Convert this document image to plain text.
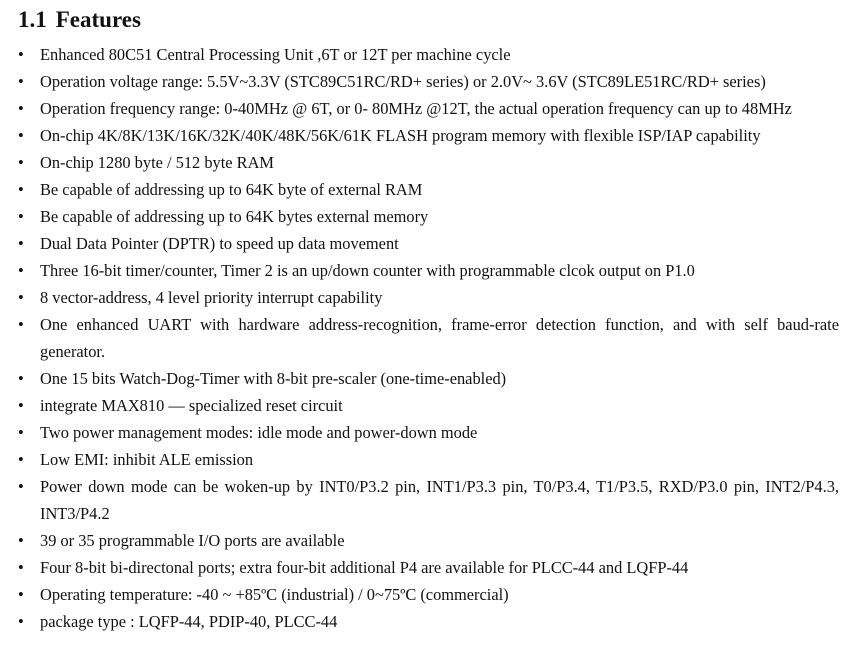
1.1 Features
• Enhanced 80C51 Central Processing Unit ,6T or 12T per machine cycle
• Operation voltage range: 5.5V~3.3V (STC89C51RC/RD+ series) or 2.0V~ 3.6V (STC89LE51RC/RD+ series)
• Operation frequency range: 0-40MHz @ 6T, or 0- 80MHz @12T, the actual operation frequency can up to 48MHz
• On-chip 4K/8K/13K/16K/32K/40K/48K/56K/61K FLASH program memory with flexible ISP/IAP capability
• On-chip 1280 byte / 512 byte RAM
• Be capable of addressing up to 64K byte of external RAM
• Be capable of addressing up to 64K bytes external memory
• Dual Data Pointer (DPTR) to speed up data movement
• Three 16-bit timer/counter, Timer 2 is an up/down counter with programmable clcok output on P1.0
• 8 vector-address, 4 level priority interrupt capability
• One enhanced UART with hardware address-recognition, frame-error detection function, and with self baud-rate generator.
• One 15 bits Watch-Dog-Timer with 8-bit pre-scaler (one-time-enabled)
• integrate MAX810 — specialized reset circuit
• Two power management modes: idle mode and power-down mode
• Low EMI: inhibit ALE emission
• Power down mode can be woken-up by INT0/P3.2 pin, INT1/P3.3 pin, T0/P3.4, T1/P3.5, RXD/P3.0 pin, INT2/P4.3, INT3/P4.2
• 39 or 35 programmable I/O ports are available
• Four 8-bit bi-directonal ports; extra four-bit additional P4 are available for PLCC-44 and LQFP-44
• Operating temperature: -40 ~ +85ºC (industrial) / 0~75ºC (commercial)
• package type : LQFP-44, PDIP-40, PLCC-44
